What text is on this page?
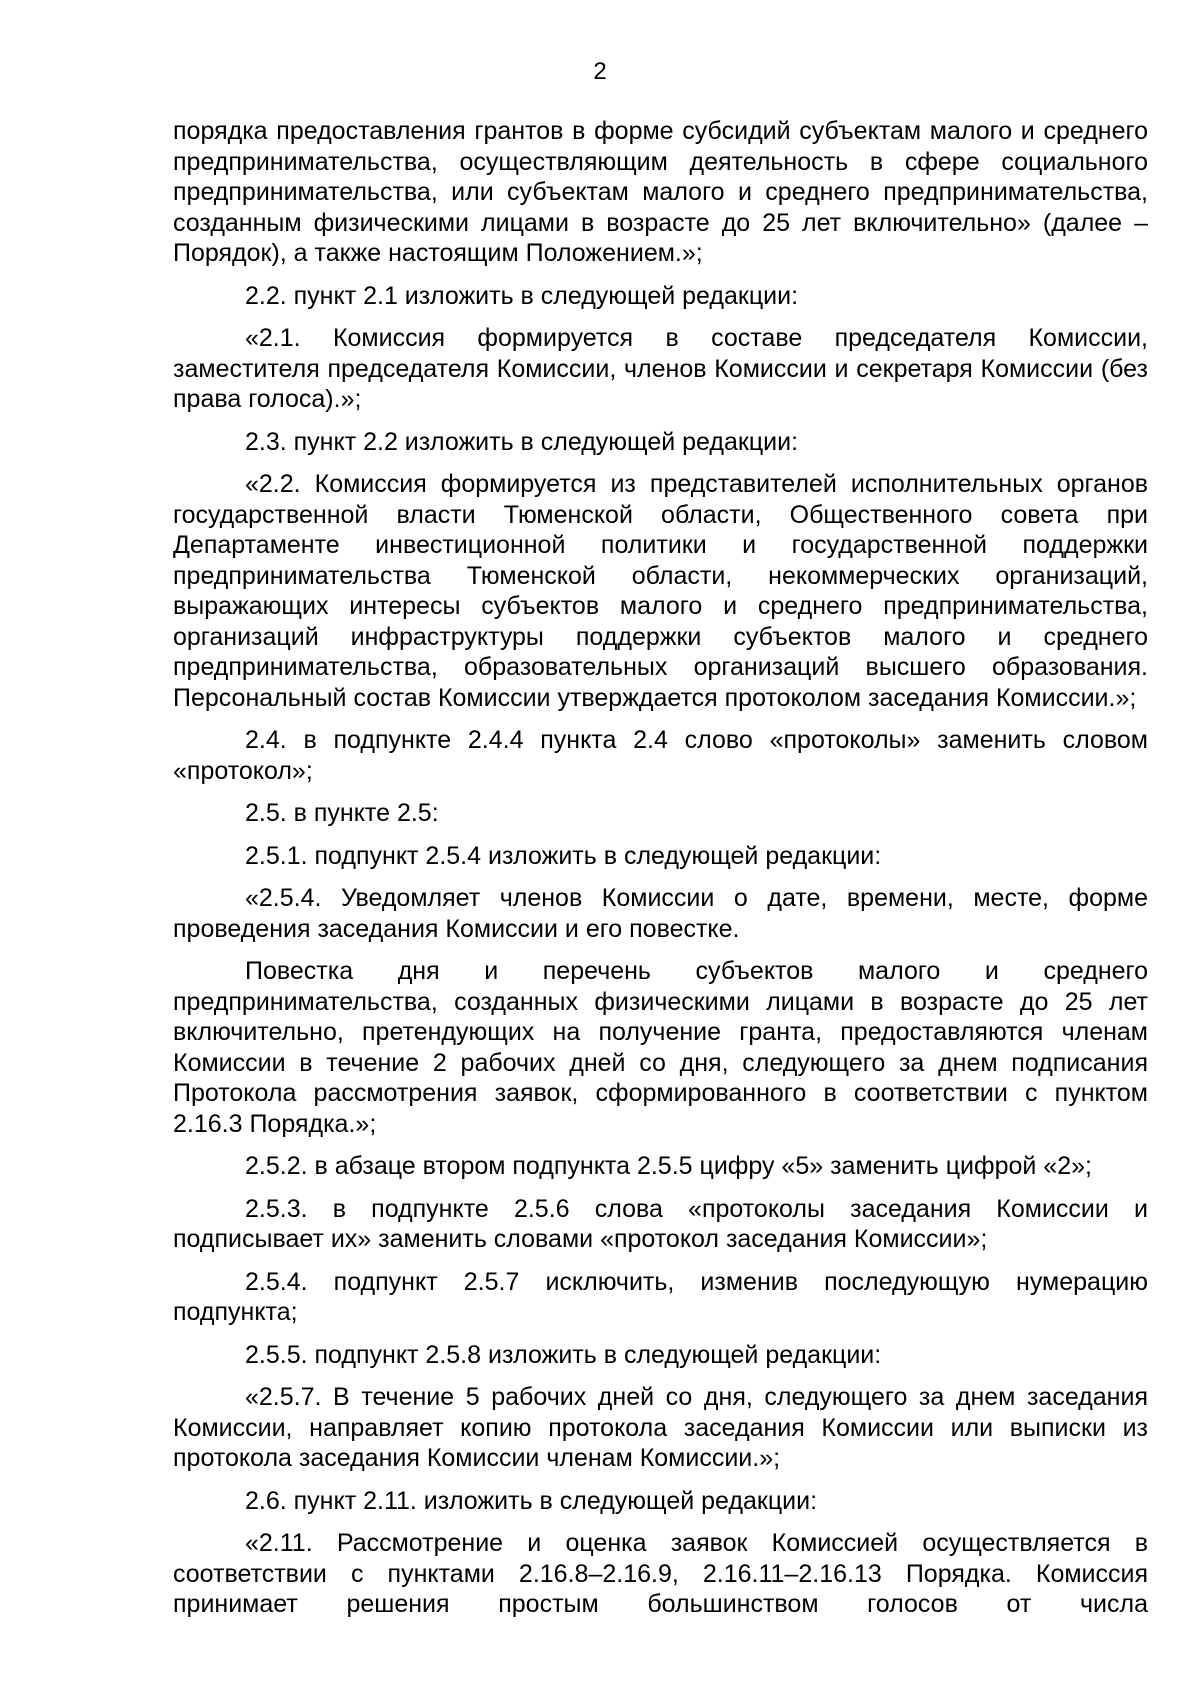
2

порядка предоставления грантов в форме субсидий субъектам малого и среднего предпринимательства, осуществляющим деятельность в сфере социального предпринимательства, или субъектам малого и среднего предпринимательства, созданным физическими лицами в возрасте до 25 лет включительно» (далее – Порядок), а также настоящим Положением.»;

2.2. пункт 2.1 изложить в следующей редакции:

«2.1. Комиссия формируется в составе председателя Комиссии, заместителя председателя Комиссии, членов Комиссии и секретаря Комиссии (без права голоса).»;

2.3. пункт 2.2 изложить в следующей редакции:

«2.2. Комиссия формируется из представителей исполнительных органов государственной власти Тюменской области, Общественного совета при Департаменте инвестиционной политики и государственной поддержки предпринимательства Тюменской области, некоммерческих организаций, выражающих интересы субъектов малого и среднего предпринимательства, организаций инфраструктуры поддержки субъектов малого и среднего предпринимательства, образовательных организаций высшего образования. Персональный состав Комиссии утверждается протоколом заседания Комиссии.»;

2.4. в подпункте 2.4.4 пункта 2.4 слово «протоколы» заменить словом «протокол»;

2.5. в пункте 2.5:

2.5.1. подпункт 2.5.4 изложить в следующей редакции:

«2.5.4. Уведомляет членов Комиссии о дате, времени, месте, форме проведения заседания Комиссии и его повестке.

Повестка дня и перечень субъектов малого и среднего предпринимательства, созданных физическими лицами в возрасте до 25 лет включительно, претендующих на получение гранта, предоставляются членам Комиссии в течение 2 рабочих дней со дня, следующего за днем подписания Протокола рассмотрения заявок, сформированного в соответствии с пунктом 2.16.3 Порядка.»;

2.5.2. в абзаце втором подпункта 2.5.5 цифру «5» заменить цифрой «2»;

2.5.3. в подпункте 2.5.6 слова «протоколы заседания Комиссии и подписывает их» заменить словами «протокол заседания Комиссии»;

2.5.4. подпункт 2.5.7 исключить, изменив последующую нумерацию подпункта;

2.5.5. подпункт 2.5.8 изложить в следующей редакции:

«2.5.7. В течение 5 рабочих дней со дня, следующего за днем заседания Комиссии, направляет копию протокола заседания Комиссии или выписки из протокола заседания Комиссии членам Комиссии.»;

2.6. пункт 2.11. изложить в следующей редакции:

«2.11. Рассмотрение и оценка заявок Комиссией осуществляется в соответствии с пунктами 2.16.8–2.16.9, 2.16.11–2.16.13 Порядка. Комиссия принимает решения простым большинством голосов от числа
